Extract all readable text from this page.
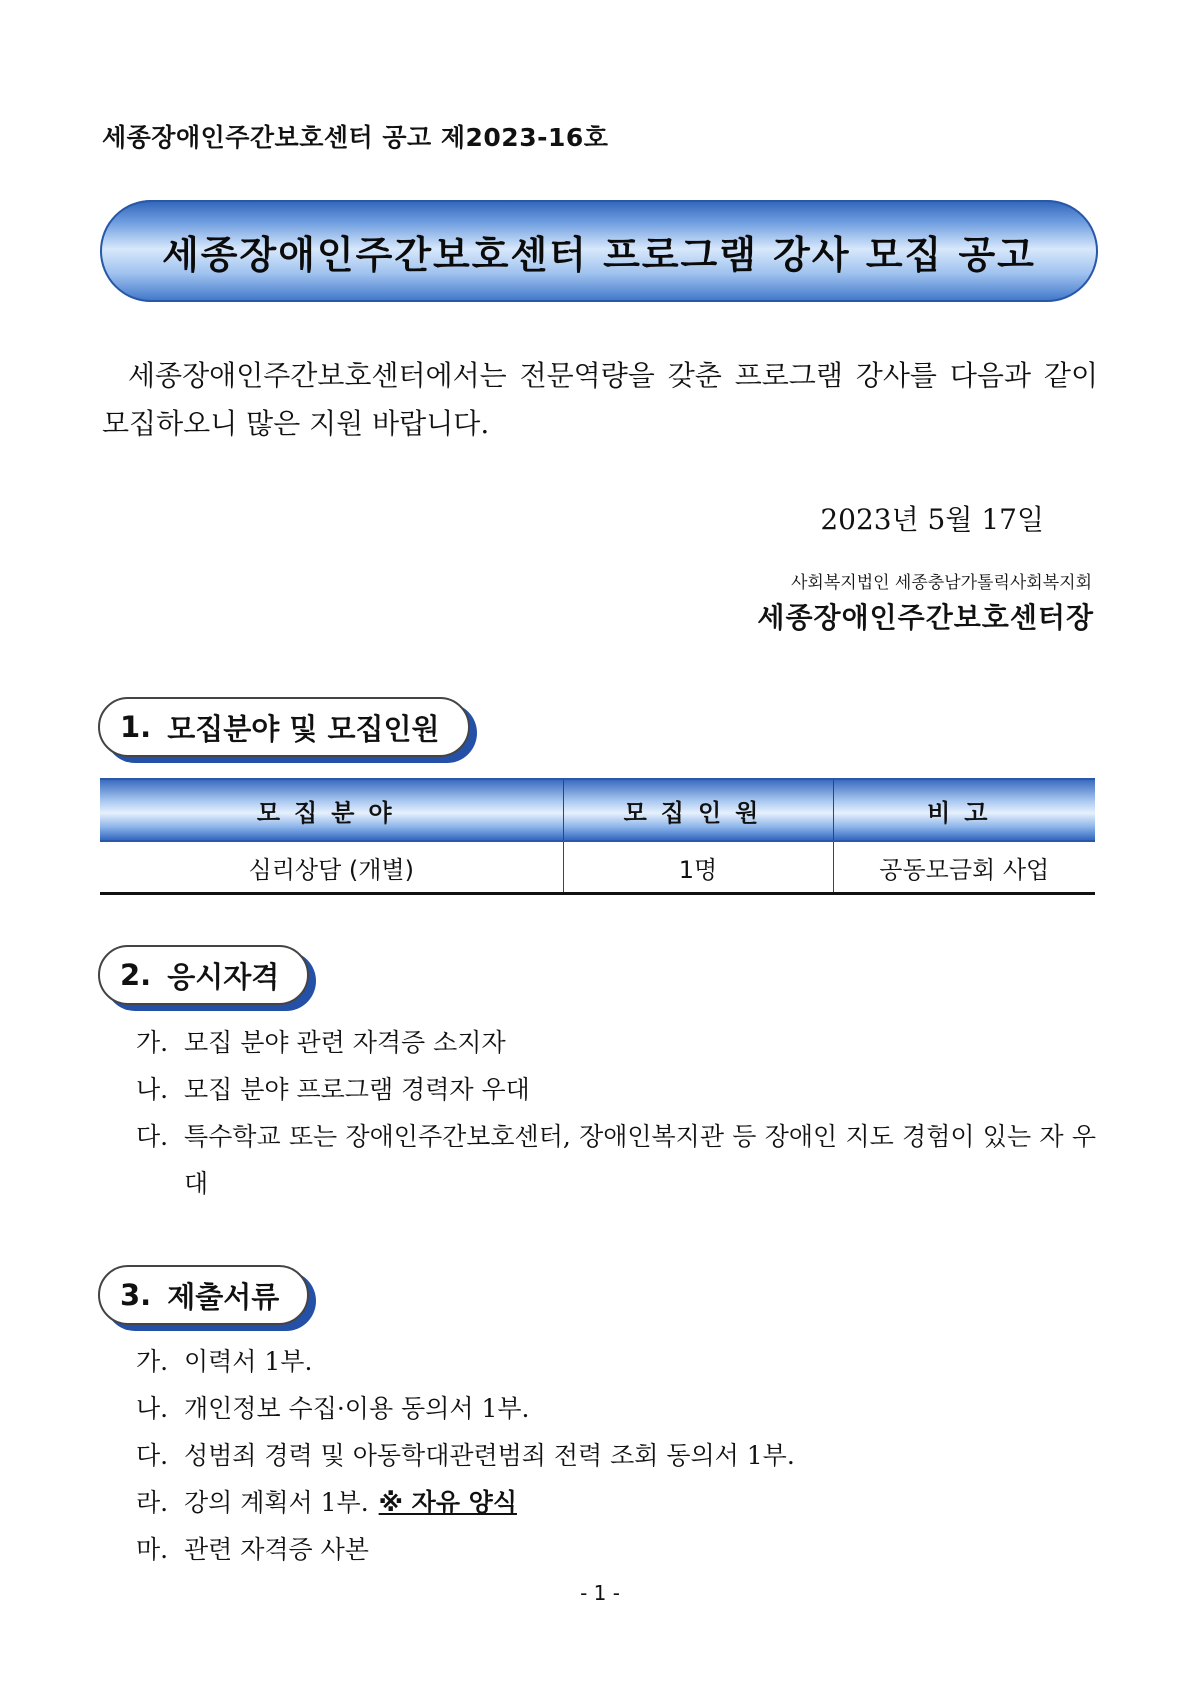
세종장애인주간보호센터 공고 제2023-16호
세종장애인주간보호센터 프로그램 강사 모집 공고
세종장애인주간보호센터에서는 전문역량을 갖춘 프로그램 강사를 다음과 같이 모집하오니 많은 지원 바랍니다.
2023년 5월 17일
사회복지법인 세종충남가톨릭사회복지회
세종장애인주간보호센터장
1. 모집분야 및 모집인원
모집분야	모집인원	비고
심리상담 (개별)	1명	공동모금회 사업
2. 응시자격
가. 모집 분야 관련 자격증 소지자
나. 모집 분야 프로그램 경력자 우대
다. 특수학교 또는 장애인주간보호센터, 장애인복지관 등 장애인 지도 경험이 있는 자 우대
3. 제출서류
가. 이력서 1부.
나. 개인정보 수집·이용 동의서 1부.
다. 성범죄 경력 및 아동학대관련범죄 전력 조회 동의서 1부.
라. 강의 계획서 1부. ※ 자유 양식
마. 관련 자격증 사본
- 1 -
